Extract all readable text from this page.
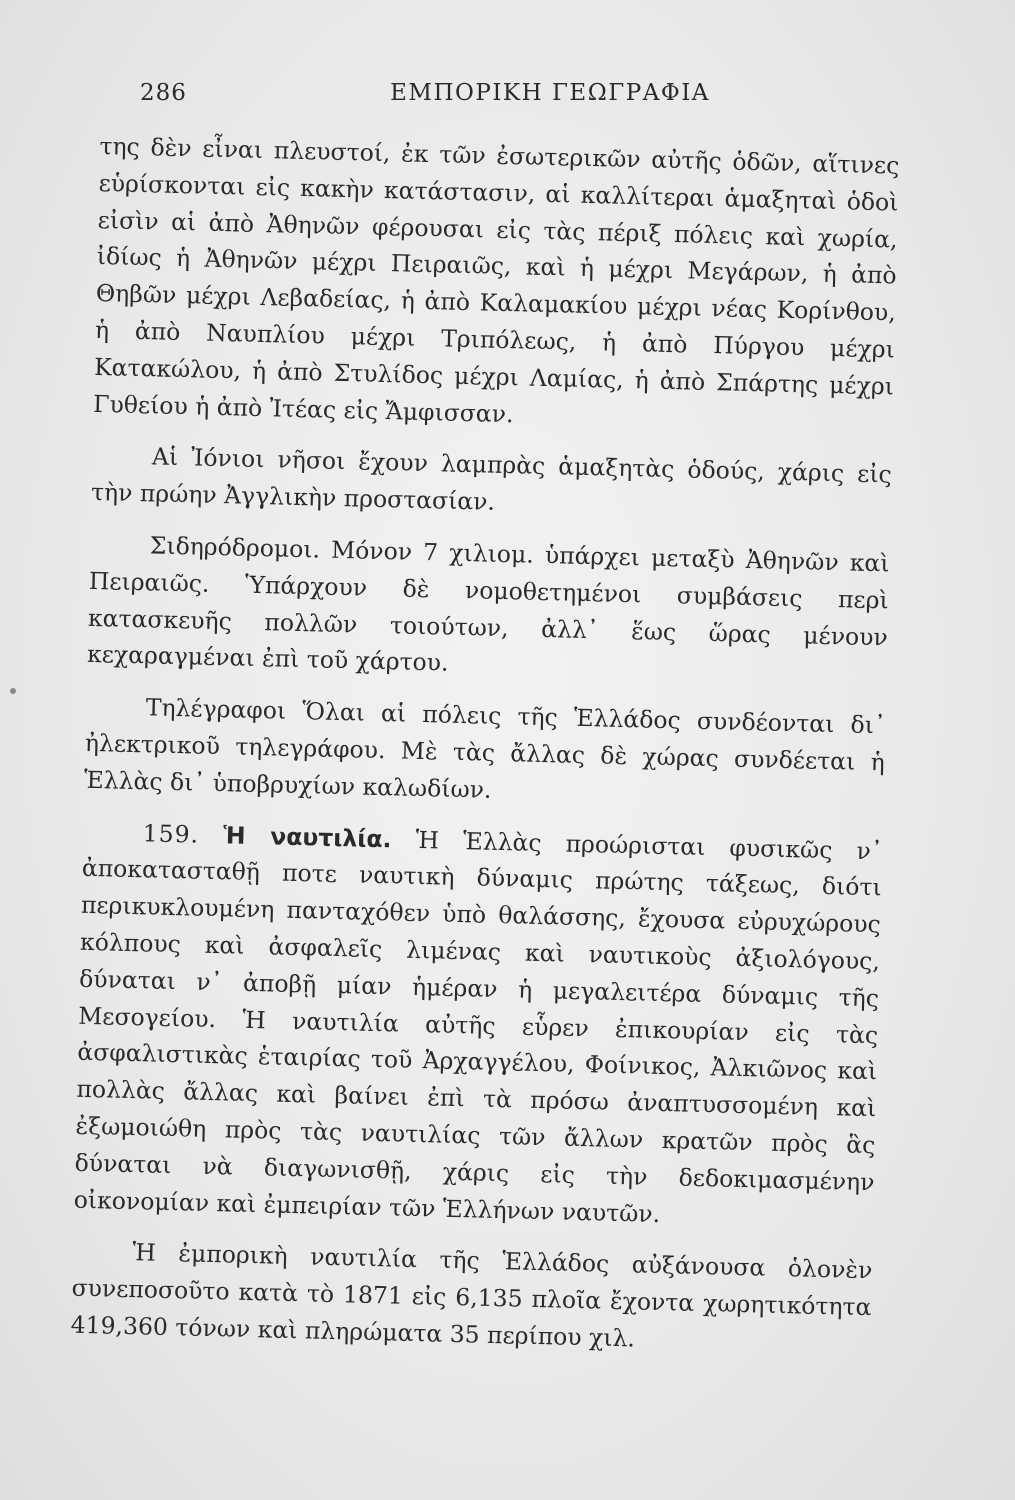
286	ΕΜΠΟΡΙΚΗ ΓΕΩΓΡΑΦΙΑ

της δὲν εἶναι πλευστοί, ἐκ τῶν ἐσωτερικῶν αὐτῆς ὁδῶν, αἵτινες εὑρίσκονται εἰς κακὴν κατάστασιν, αἱ καλλίτεραι ἁμαξηταὶ ὁδοὶ εἰσὶν αἱ ἀπὸ Ἀθηνῶν φέρουσαι εἰς τὰς πέριξ πόλεις καὶ χωρία, ἰδίως ἡ Ἀθηνῶν μέχρι Πειραιῶς, καὶ ἡ μέχρι Μεγάρων, ἡ ἀπὸ Θηβῶν μέχρι Λεβαδείας, ἡ ἀπὸ Καλαμακίου μέχρι νέας Κορίνθου, ἡ ἀπὸ Ναυπλίου μέχρι Τριπόλεως, ἡ ἀπὸ Πύργου μέχρι Κατακώλου, ἡ ἀπὸ Στυλίδος μέχρι Λαμίας, ἡ ἀπὸ Σπάρτης μέχρι Γυθείου ἡ ἀπὸ Ἰτέας εἰς Ἄμφισσαν.

Αἱ Ἰόνιοι νῆσοι ἔχουν λαμπρὰς ἁμαξητὰς ὁδούς, χάρις εἰς τὴν πρώην Ἀγγλικὴν προστασίαν.

Σιδηρόδρομοι. Μόνον 7 χιλιομ. ὑπάρχει μεταξὺ Ἀθηνῶν καὶ Πειραιῶς. Ὑπάρχουν δὲ νομοθετημένοι συμβάσεις περὶ κατασκευῆς πολλῶν τοιούτων, ἀλλ᾽ ἕως ὥρας μένουν κεχαραγμέναι ἐπὶ τοῦ χάρτου.

Τηλέγραφοι Ὅλαι αἱ πόλεις τῆς Ἑλλάδος συνδέονται δι᾽ ἠλεκτρικοῦ τηλεγράφου. Μὲ τὰς ἄλλας δὲ χώρας συνδέεται ἡ Ἑλλὰς δι᾽ ὑποβρυχίων καλωδίων.

159. Ἡ ναυτιλία. Ἡ Ἑλλὰς προώρισται φυσικῶς ν᾽ ἀποκατασταθῇ ποτε ναυτικὴ δύναμις πρώτης τάξεως, διότι περικυκλουμένη πανταχόθεν ὑπὸ θαλάσσης, ἔχουσα εὐρυχώρους κόλπους καὶ ἀσφαλεῖς λιμένας καὶ ναυτικοὺς ἀξιολόγους, δύναται ν᾽ ἀποβῇ μίαν ἡμέραν ἡ μεγαλειτέρα δύναμις τῆς Μεσογείου. Ἡ ναυτιλία αὐτῆς εὗρεν ἐπικουρίαν εἰς τὰς ἀσφαλιστικὰς ἑταιρίας τοῦ Ἀρχαγγέλου, Φοίνικος, Ἀλκιῶνος καὶ πολλὰς ἄλλας καὶ βαίνει ἐπὶ τὰ πρόσω ἀναπτυσσομένη καὶ ἐξωμοιώθη πρὸς τὰς ναυτιλίας τῶν ἄλλων κρατῶν πρὸς ἃς δύναται νὰ διαγωνισθῇ, χάρις εἰς τὴν δεδοκιμασμένην οἰκονομίαν καὶ ἐμπειρίαν τῶν Ἑλλήνων ναυτῶν.

Ἡ ἐμπορικὴ ναυτιλία τῆς Ἑλλάδος αὐξάνουσα ὁλονὲν συνεποσοῦτο κατὰ τὸ 1871 εἰς 6,135 πλοῖα ἔχοντα χωρητικότητα 419,360 τόνων καὶ πληρώματα 35 περίπου χιλ.
